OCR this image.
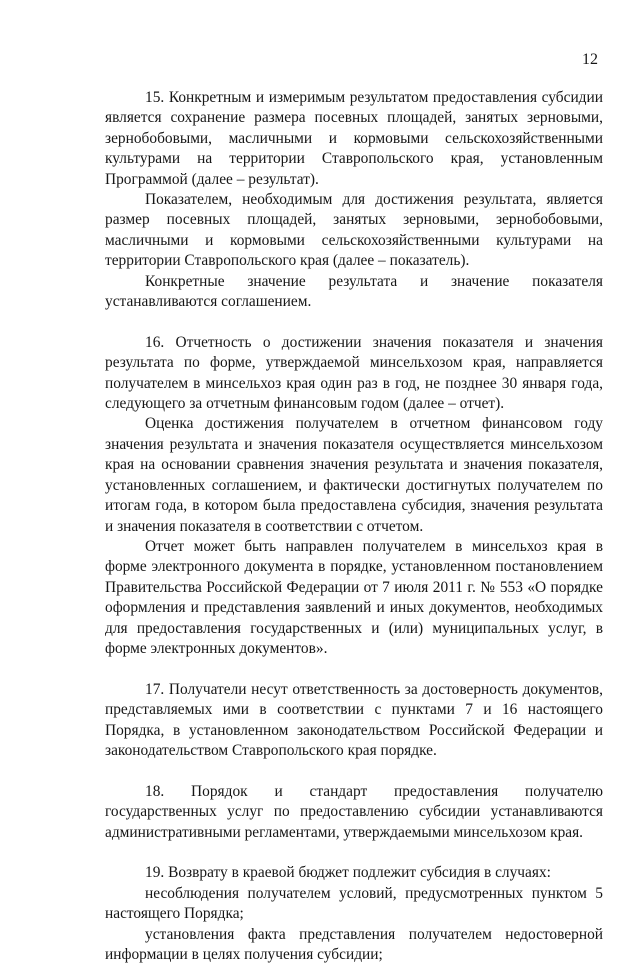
12

15. Конкретным и измеримым результатом предоставления субсидии является сохранение размера посевных площадей, занятых зерновыми, зернобобовыми, масличными и кормовыми сельскохозяйственными культурами на территории Ставропольского края, установленным Программой (далее – результат).

Показателем, необходимым для достижения результата, является размер посевных площадей, занятых зерновыми, зернобобовыми, масличными и кормовыми сельскохозяйственными культурами на территории Ставропольского края (далее – показатель).

Конкретные значение результата и значение показателя устанавливаются соглашением.

16. Отчетность о достижении значения показателя и значения результата по форме, утверждаемой минсельхозом края, направляется получателем в минсельхоз края один раз в год, не позднее 30 января года, следующего за отчетным финансовым годом (далее – отчет).

Оценка достижения получателем в отчетном финансовом году значения результата и значения показателя осуществляется минсельхозом края на основании сравнения значения результата и значения показателя, установленных соглашением, и фактически достигнутых получателем по итогам года, в котором была предоставлена субсидия, значения результата и значения показателя в соответствии с отчетом.

Отчет может быть направлен получателем в минсельхоз края в форме электронного документа в порядке, установленном постановлением Правительства Российской Федерации от 7 июля 2011 г. № 553 «О порядке оформления и представления заявлений и иных документов, необходимых для предоставления государственных и (или) муниципальных услуг, в форме электронных документов».

17. Получатели несут ответственность за достоверность документов, представляемых ими в соответствии с пунктами 7 и 16 настоящего Порядка, в установленном законодательством Российской Федерации и законодательством Ставропольского края порядке.

18. Порядок и стандарт предоставления получателю государственных услуг по предоставлению субсидии устанавливаются административными регламентами, утверждаемыми минсельхозом края.

19. Возврату в краевой бюджет подлежит субсидия в случаях:

несоблюдения получателем условий, предусмотренных пунктом 5 настоящего Порядка;

установления факта представления получателем недостоверной информации в целях получения субсидии;
